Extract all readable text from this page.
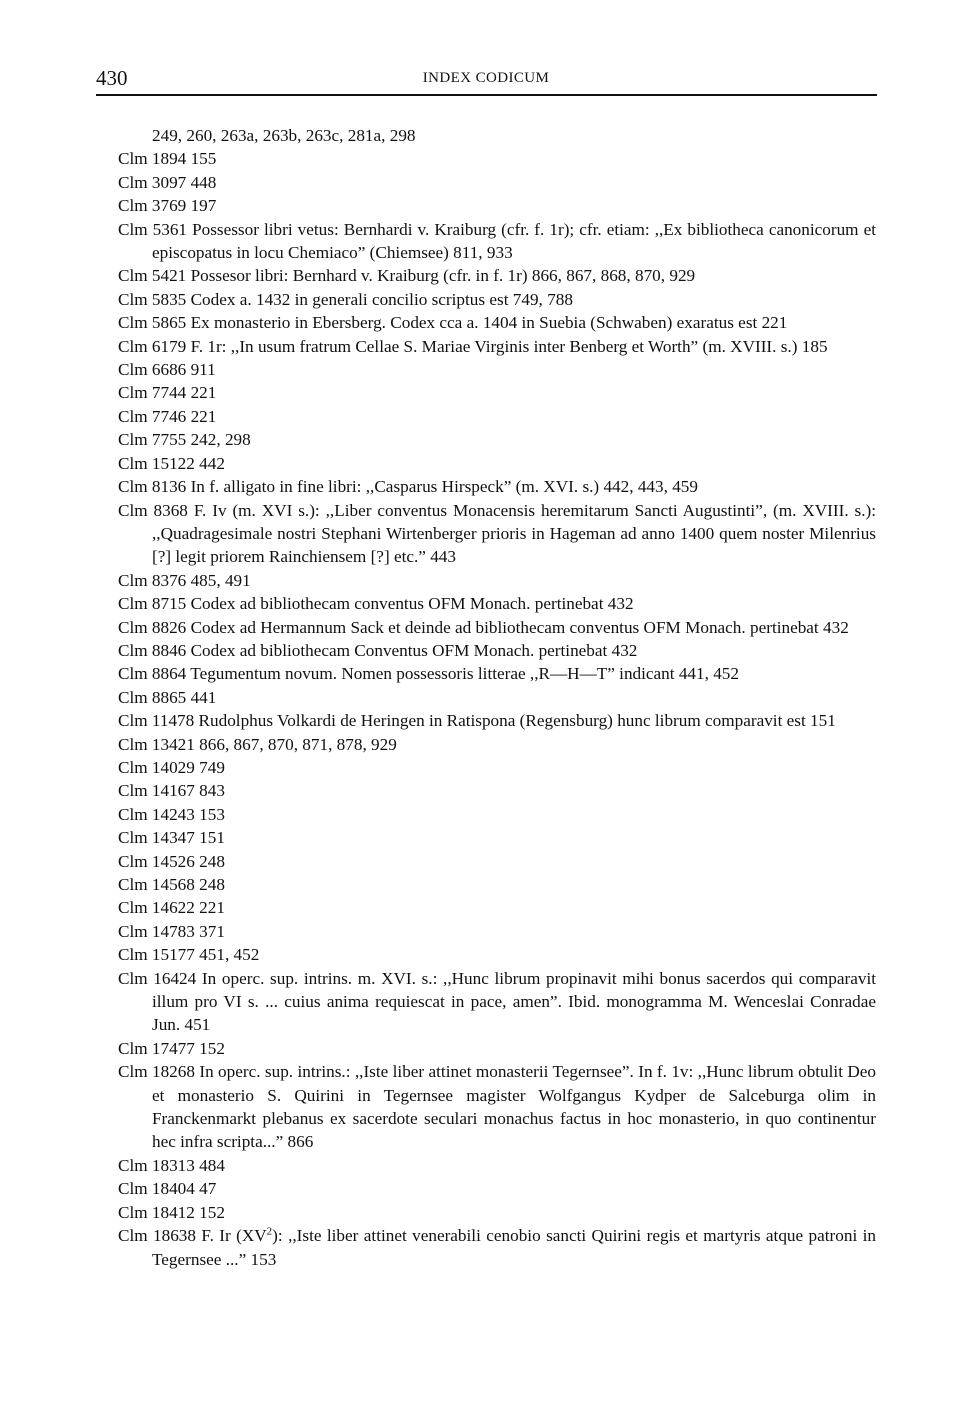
430	INDEX CODICUM

249, 260, 263a, 263b, 263c, 281a, 298

Clm 1894 155

Clm 3097 448

Clm 3769 197

Clm 5361 Possessor libri vetus: Bernhardi v. Kraiburg (cfr. f. 1r); cfr. etiam: ,,Ex bibliotheca canonicorum et episcopatus in locu Chemiaco” (Chiemsee) 811, 933

Clm 5421 Possesor libri: Bernhard v. Kraiburg (cfr. in f. 1r) 866, 867, 868, 870, 929

Clm 5835 Codex a. 1432 in generali concilio scriptus est 749, 788

Clm 5865 Ex monasterio in Ebersberg. Codex cca a. 1404 in Suebia (Schwaben) exaratus est 221

Clm 6179 F. 1r: ,,In usum fratrum Cellae S. Mariae Virginis inter Benberg et Worth” (m. XVIII. s.) 185

Clm 6686 911

Clm 7744 221

Clm 7746 221

Clm 7755 242, 298

Clm 15122 442

Clm 8136 In f. alligato in fine libri: ,,Casparus Hirspeck” (m. XVI. s.) 442, 443, 459

Clm 8368 F. Iv (m. XVI s.): ,,Liber conventus Monacensis heremitarum Sancti Augustinti”, (m. XVIII. s.): ,,Quadragesimale nostri Stephani Wirtenberger prioris in Hageman ad anno 1400 quem noster Milenrius [?] legit priorem Rainchiensem [?] etc.” 443

Clm 8376 485, 491

Clm 8715 Codex ad bibliothecam conventus OFM Monach. pertinebat 432

Clm 8826 Codex ad Hermannum Sack et deinde ad bibliothecam conventus OFM Monach. pertinebat 432

Clm 8846 Codex ad bibliothecam Conventus OFM Monach. pertinebat 432

Clm 8864 Tegumentum novum. Nomen possessoris litterae ,,R—H—T” indicant 441, 452

Clm 8865 441

Clm 11478 Rudolphus Volkardi de Heringen in Ratispona (Regensburg) hunc librum comparavit est 151

Clm 13421 866, 867, 870, 871, 878, 929

Clm 14029 749

Clm 14167 843

Clm 14243 153

Clm 14347 151

Clm 14526 248

Clm 14568 248

Clm 14622 221

Clm 14783 371

Clm 15177 451, 452

Clm 16424 In operc. sup. intrins. m. XVI. s.: ,,Hunc librum propinavit mihi bonus sacerdos qui comparavit illum pro VI s. ... cuius anima requiescat in pace, amen”. Ibid. monogramma M. Wenceslai Conradae Jun. 451

Clm 17477 152

Clm 18268 In operc. sup. intrins.: ,,Iste liber attinet monasterii Tegernsee”. In f. 1v: ,,Hunc librum obtulit Deo et monasterio S. Quirini in Tegernsee magister Wolfgangus Kydper de Salceburga olim in Franckenmarkt plebanus ex sacerdote seculari monachus factus in hoc monasterio, in quo continentur hec infra scripta...” 866

Clm 18313 484

Clm 18404 47

Clm 18412 152

Clm 18638 F. Ir $(XV^2)$: ,,Iste liber attinet venerabili cenobio sancti Quirini regis et martyris atque patroni in Tegernsee ...” 153
